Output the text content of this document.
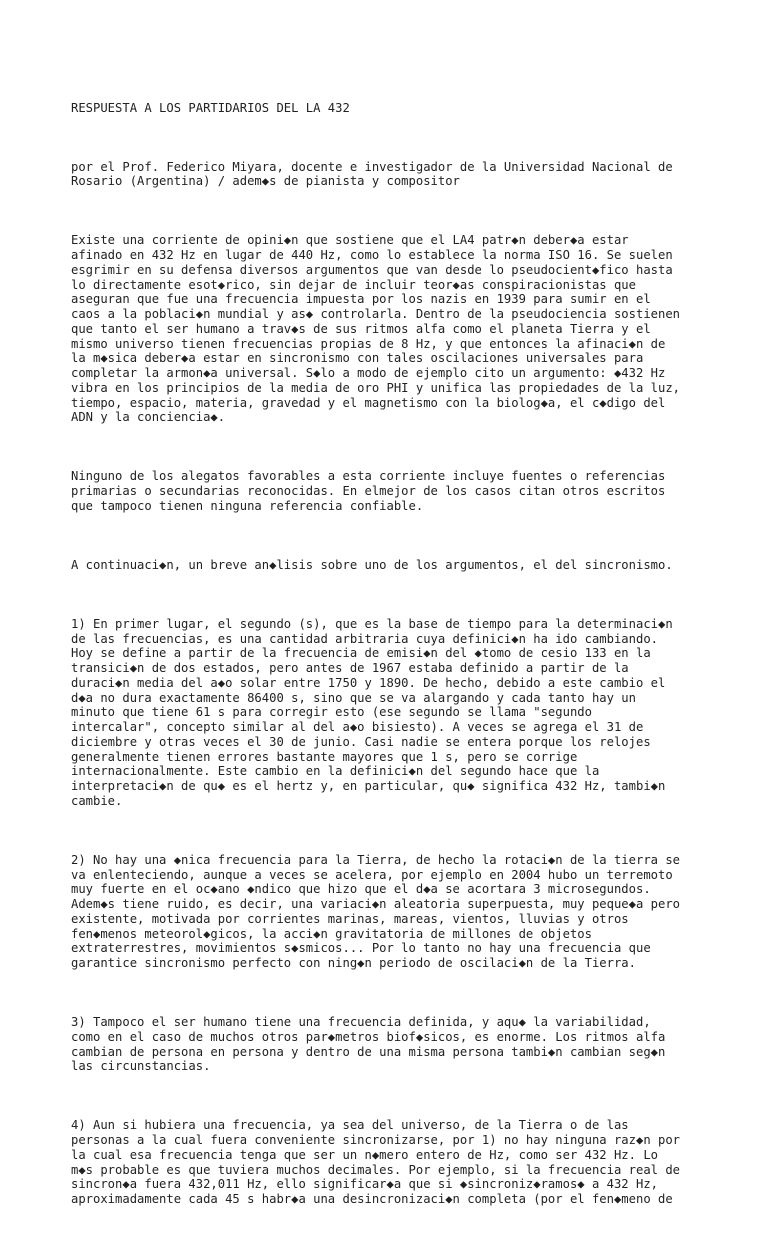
RESPUESTA A LOS PARTIDARIOS DEL LA 432

por el Prof. Federico Miyara, docente e investigador de la Universidad Nacional de
Rosario (Argentina) / adem◆s de pianista y compositor

Existe una corriente de opini◆n que sostiene que el LA4 patr◆n deber◆a estar
afinado en 432 Hz en lugar de 440 Hz, como lo establece la norma ISO 16. Se suelen
esgrimir en su defensa diversos argumentos que van desde lo pseudocient◆fico hasta
lo directamente esot◆rico, sin dejar de incluir teor◆as conspiracionistas que
aseguran que fue una frecuencia impuesta por los nazis en 1939 para sumir en el
caos a la poblaci◆n mundial y as◆ controlarla. Dentro de la pseudociencia sostienen
que tanto el ser humano a trav◆s de sus ritmos alfa como el planeta Tierra y el
mismo universo tienen frecuencias propias de 8 Hz, y que entonces la afinaci◆n de
la m◆sica deber◆a estar en sincronismo con tales oscilaciones universales para
completar la armon◆a universal. S◆lo a modo de ejemplo cito un argumento: ◆432 Hz
vibra en los principios de la media de oro PHI y unifica las propiedades de la luz,
tiempo, espacio, materia, gravedad y el magnetismo con la biolog◆a, el c◆digo del
ADN y la conciencia◆.

Ninguno de los alegatos favorables a esta corriente incluye fuentes o referencias
primarias o secundarias reconocidas. En elmejor de los casos citan otros escritos
que tampoco tienen ninguna referencia confiable.

A continuaci◆n, un breve an◆lisis sobre uno de los argumentos, el del sincronismo.

1) En primer lugar, el segundo (s), que es la base de tiempo para la determinaci◆n
de las frecuencias, es una cantidad arbitraria cuya definici◆n ha ido cambiando.
Hoy se define a partir de la frecuencia de emisi◆n del ◆tomo de cesio 133 en la
transici◆n de dos estados, pero antes de 1967 estaba definido a partir de la
duraci◆n media del a◆o solar entre 1750 y 1890. De hecho, debido a este cambio el
d◆a no dura exactamente 86400 s, sino que se va alargando y cada tanto hay un
minuto que tiene 61 s para corregir esto (ese segundo se llama "segundo
intercalar", concepto similar al del a◆o bisiesto). A veces se agrega el 31 de
diciembre y otras veces el 30 de junio. Casi nadie se entera porque los relojes
generalmente tienen errores bastante mayores que 1 s, pero se corrige
internacionalmente. Este cambio en la definici◆n del segundo hace que la
interpretaci◆n de qu◆ es el hertz y, en particular, qu◆ significa 432 Hz, tambi◆n
cambie.

2) No hay una ◆nica frecuencia para la Tierra, de hecho la rotaci◆n de la tierra se
va enlenteciendo, aunque a veces se acelera, por ejemplo en 2004 hubo un terremoto
muy fuerte en el oc◆ano ◆ndico que hizo que el d◆a se acortara 3 microsegundos.
Adem◆s tiene ruido, es decir, una variaci◆n aleatoria superpuesta, muy peque◆a pero
existente, motivada por corrientes marinas, mareas, vientos, lluvias y otros
fen◆menos meteorol◆gicos, la acci◆n gravitatoria de millones de objetos
extraterrestres, movimientos s◆smicos... Por lo tanto no hay una frecuencia que
garantice sincronismo perfecto con ning◆n periodo de oscilaci◆n de la Tierra.

3) Tampoco el ser humano tiene una frecuencia definida, y aqu◆ la variabilidad,
como en el caso de muchos otros par◆metros biof◆sicos, es enorme. Los ritmos alfa
cambian de persona en persona y dentro de una misma persona tambi◆n cambian seg◆n
las circunstancias.

4) Aun si hubiera una frecuencia, ya sea del universo, de la Tierra o de las
personas a la cual fuera conveniente sincronizarse, por 1) no hay ninguna raz◆n por
la cual esa frecuencia tenga que ser un n◆mero entero de Hz, como ser 432 Hz. Lo
m◆s probable es que tuviera muchos decimales. Por ejemplo, si la frecuencia real de
sincron◆a fuera 432,011 Hz, ello significar◆a que si ◆sincroniz◆ramos◆ a 432 Hz,
aproximadamente cada 45 s habr◆a una desincronizaci◆n completa (por el fen◆meno de
